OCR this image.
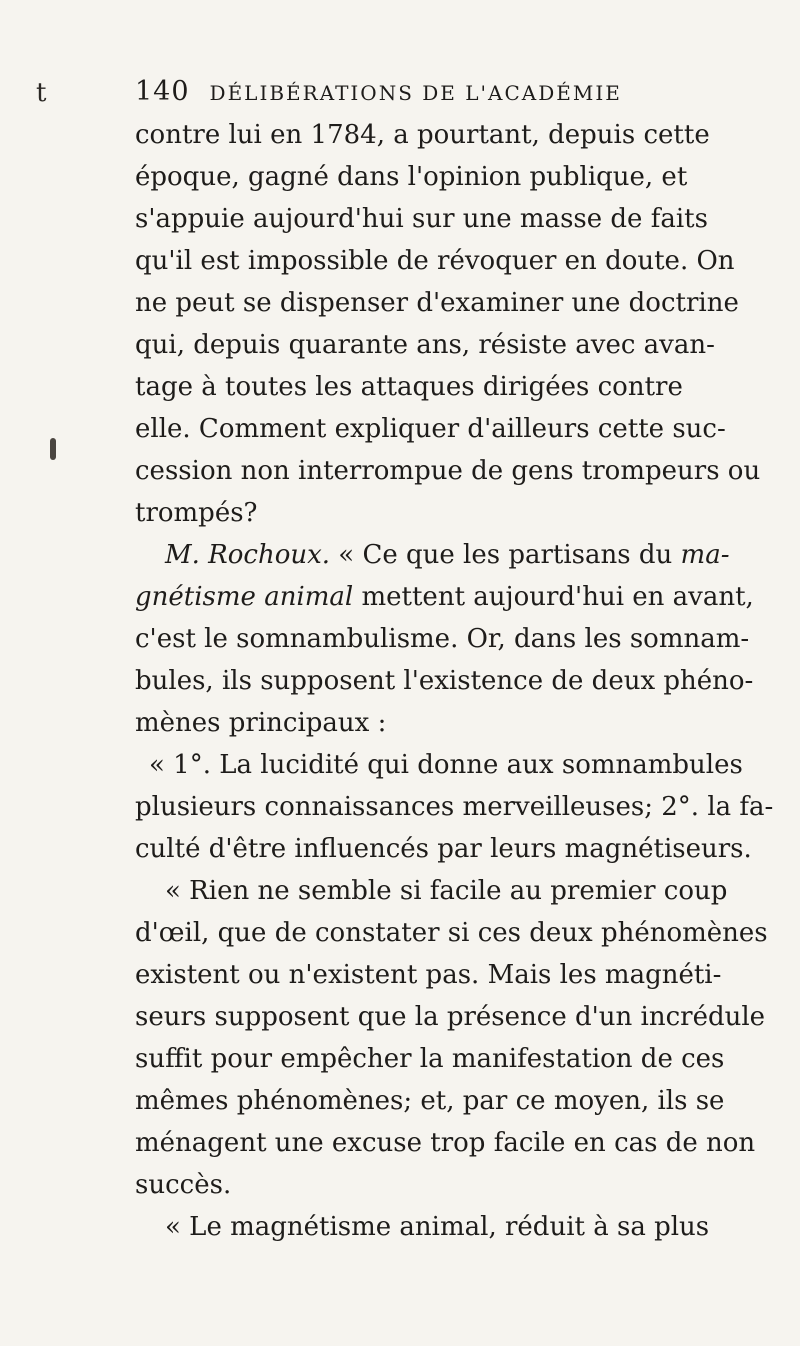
t	140 DÉLIBÉRATIONS DE L'ACADÉMIE
contre lui en 1784, a pourtant, depuis cette
époque, gagné dans l'opinion publique, et
s'appuie aujourd'hui sur une masse de faits
qu'il est impossible de révoquer en doute. On
ne peut se dispenser d'examiner une doctrine
qui, depuis quarante ans, résiste avec avan-
tage à toutes les attaques dirigées contre
elle. Comment expliquer d'ailleurs cette suc-
cession non interrompue de gens trompeurs ou
trompés?
M. Rochoux. « Ce que les partisans du ma-
gnétisme animal mettent aujourd'hui en avant,
c'est le somnambulisme. Or, dans les somnam-
bules, ils supposent l'existence de deux phéno-
mènes principaux :
« 1°. La lucidité qui donne aux somnambules
plusieurs connaissances merveilleuses; 2°. la fa-
culté d'être influencés par leurs magnétiseurs.
« Rien ne semble si facile au premier coup
d'œil, que de constater si ces deux phénomènes
existent ou n'existent pas. Mais les magnéti-
seurs supposent que la présence d'un incrédule
suffit pour empêcher la manifestation de ces
mêmes phénomènes; et, par ce moyen, ils se
ménagent une excuse trop facile en cas de non
succès.
« Le magnétisme animal, réduit à sa plus
